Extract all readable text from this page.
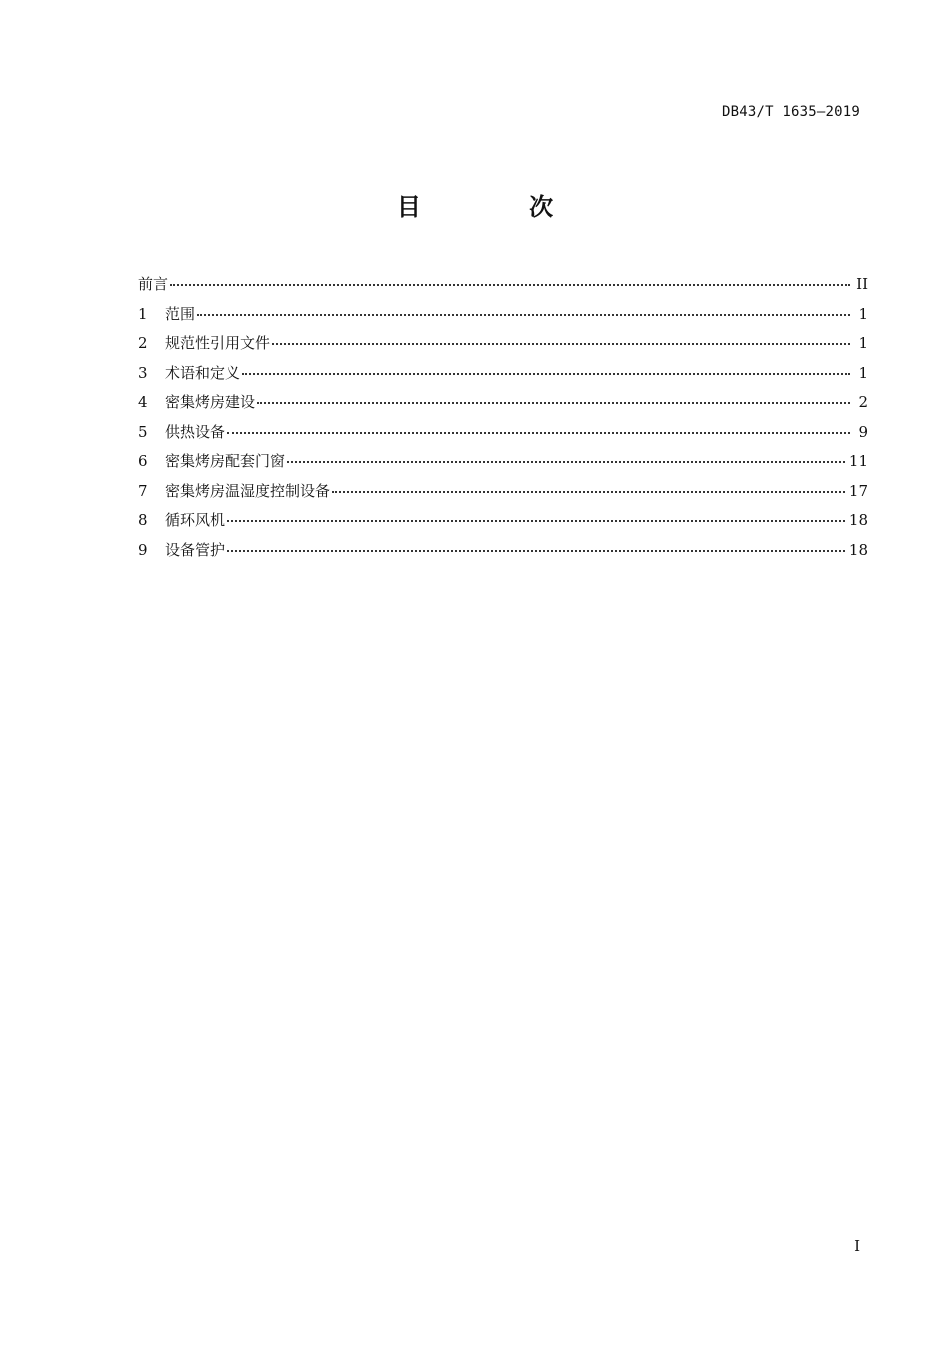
DB43/T 1635—2019
目 次
前言	II
1	范围	1
2	规范性引用文件	1
3	术语和定义	1
4	密集烤房建设	2
5	供热设备	9
6	密集烤房配套门窗	11
7	密集烤房温湿度控制设备	17
8	循环风机	18
9	设备管护	18
I
